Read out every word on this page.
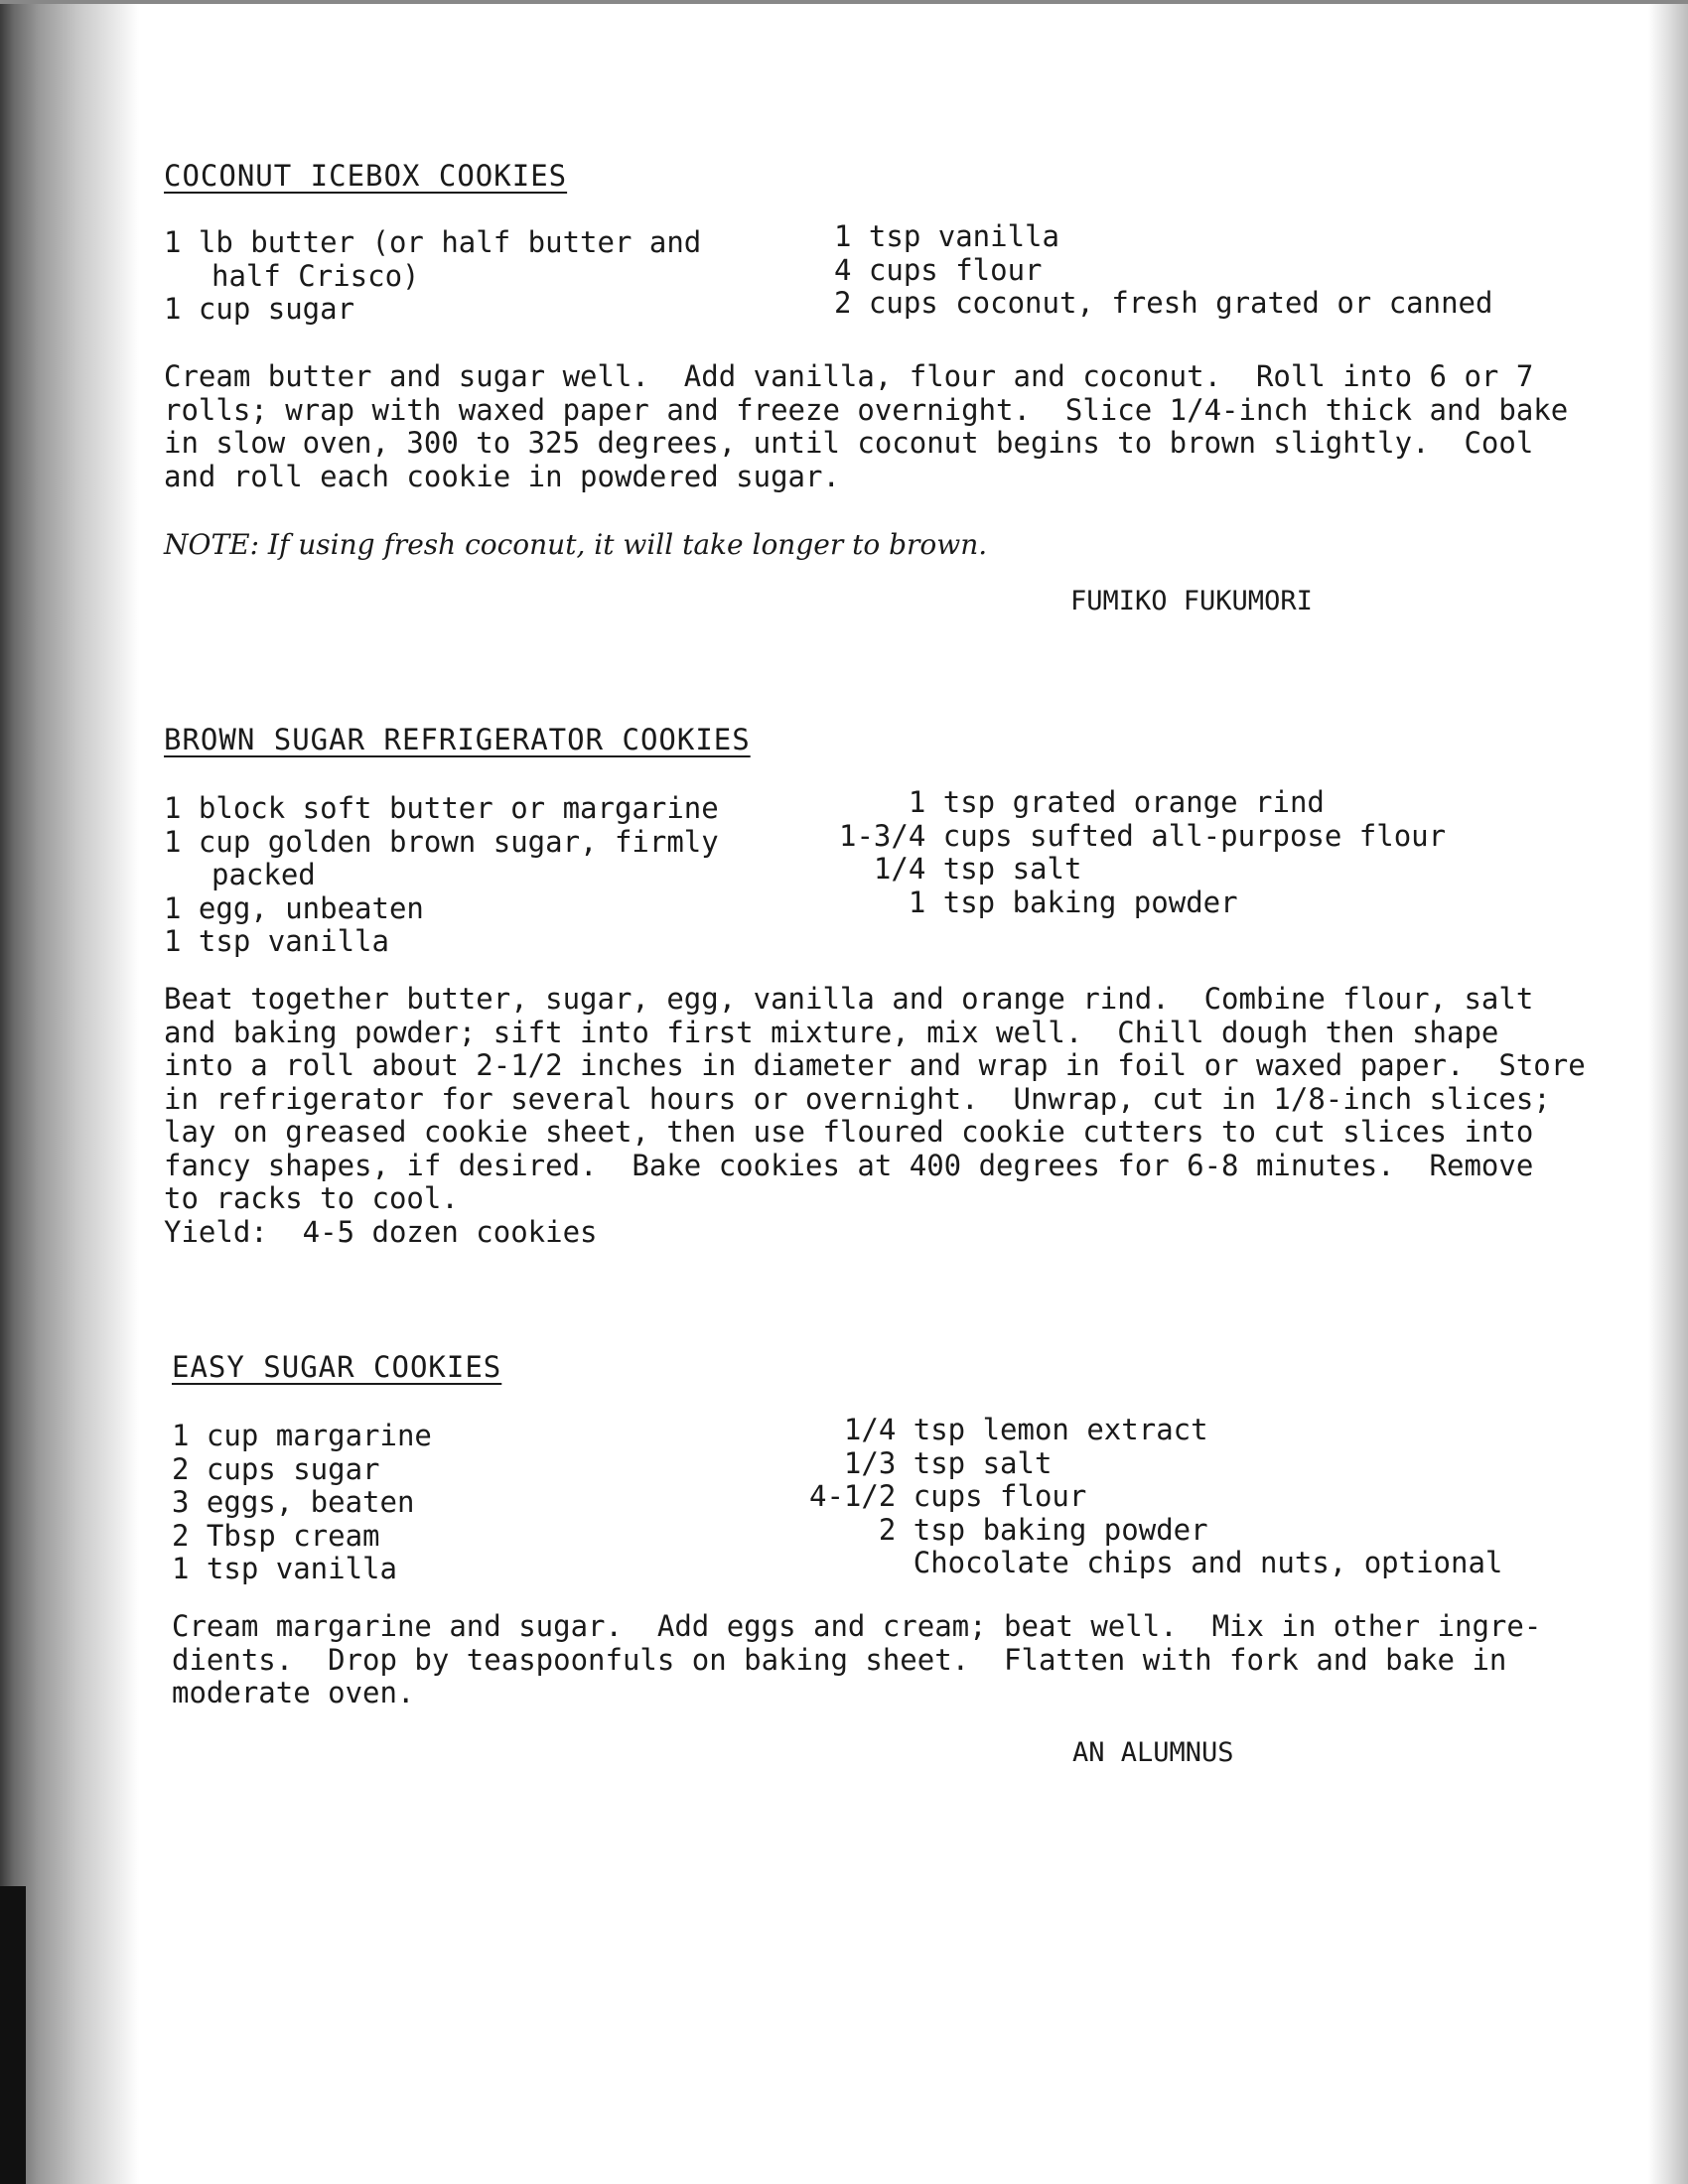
COCONUT ICEBOX COOKIES
1 lb butter (or half butter and
half Crisco)
1 cup sugar
1 tsp vanilla
4 cups flour
2 cups coconut, fresh grated or canned

Cream butter and sugar well.  Add vanilla, flour and coconut.  Roll into 6 or 7
rolls; wrap with waxed paper and freeze overnight.  Slice 1/4-inch thick and bake
in slow oven, 300 to 325 degrees, until coconut begins to brown slightly.  Cool
and roll each cookie in powdered sugar.

NOTE: If using fresh coconut, it will take longer to brown.

FUMIKO FUKUMORI

BROWN SUGAR REFRIGERATOR COOKIES
1 block soft butter or margarine
1 cup golden brown sugar, firmly
packed
1 egg, unbeaten
1 tsp vanilla
1 tsp grated orange rind
1-3/4 cups sufted all-purpose flour
1/4 tsp salt
1 tsp baking powder

Beat together butter, sugar, egg, vanilla and orange rind.  Combine flour, salt
and baking powder; sift into first mixture, mix well.  Chill dough then shape
into a roll about 2-1/2 inches in diameter and wrap in foil or waxed paper.  Store
in refrigerator for several hours or overnight.  Unwrap, cut in 1/8-inch slices;
lay on greased cookie sheet, then use floured cookie cutters to cut slices into
fancy shapes, if desired.  Bake cookies at 400 degrees for 6-8 minutes.  Remove
to racks to cool.
Yield:  4-5 dozen cookies

EASY SUGAR COOKIES
1 cup margarine
2 cups sugar
3 eggs, beaten
2 Tbsp cream
1 tsp vanilla
1/4 tsp lemon extract
1/3 tsp salt
4-1/2 cups flour
2 tsp baking powder
Chocolate chips and nuts, optional

Cream margarine and sugar.  Add eggs and cream; beat well.  Mix in other ingre-
dients.  Drop by teaspoonfuls on baking sheet.  Flatten with fork and bake in
moderate oven.

AN ALUMNUS
